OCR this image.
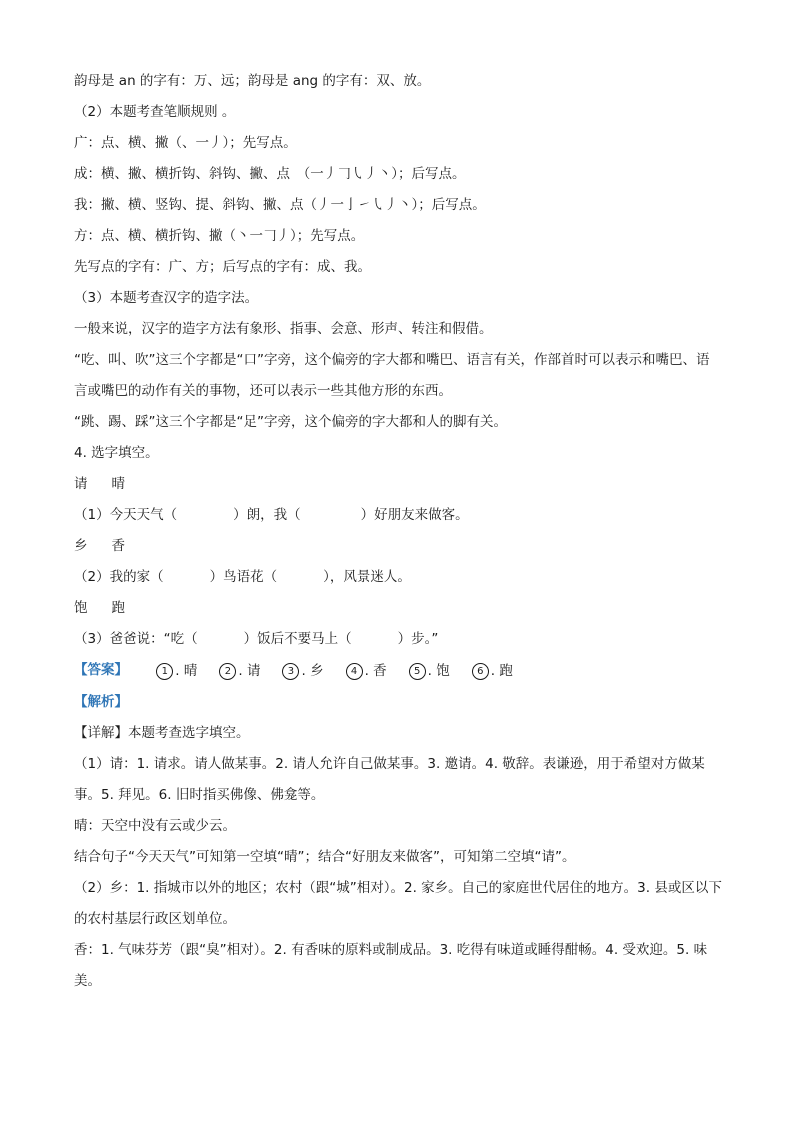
韵母是 an 的字有：万、远；韵母是 ang 的字有：双、放。
（2）本题考查笔顺规则 。
广：点、横、撇（、一丿）；先写点。
成：横、撇、横折钩、斜钩、撇、点　（一丿𠃌㇂丿丶）；后写点。
我：撇、横、竖钩、提、斜钩、撇、点（丿一亅㇀㇂丿丶）；后写点。
方：点、横、横折钩、撇（丶一𠃌丿）；先写点。
先写点的字有：广、方；后写点的字有：成、我。
（3）本题考查汉字的造字法。
一般来说，汉字的造字方法有象形、指事、会意、形声、转注和假借。
“吃、叫、吹”这三个字都是“口”字旁，这个偏旁的字大都和嘴巴、语言有关，作部首时可以表示和嘴巴、语言或嘴巴的动作有关的事物，还可以表示一些其他方形的东西。
“跳、踢、踩”这三个字都是“足”字旁，这个偏旁的字大都和人的脚有关。
4. 选字填空。
请 晴
（1）今天天气（	）朗，我（	）好朋友来做客。
乡 香
（2）我的家（	）鸟语花（	），风景迷人。
饱 跑
（3）爸爸说：“吃（	）饭后不要马上（	）步。”
【答案】	1 . 晴	2 . 请	3 . 乡	4 . 香	5 . 饱	6 . 跑
【解析】
【详解】本题考查选字填空。
（1）请：1. 请求。请人做某事。2. 请人允许自己做某事。3. 邀请。4. 敬辞。表谦逊，用于希望对方做某事。5. 拜见。6. 旧时指买佛像、佛龛等。
晴：天空中没有云或少云。
结合句子“今天天气”可知第一空填“晴”；结合“好朋友来做客”，可知第二空填“请”。
（2）乡：1. 指城市以外的地区；农村（跟“城”相对）。2. 家乡。自己的家庭世代居住的地方。3. 县或区以下的农村基层行政区划单位。
香：1. 气味芬芳（跟“臭”相对）。2. 有香味的原料或制成品。3. 吃得有味道或睡得酣畅。4. 受欢迎。5. 味美。
